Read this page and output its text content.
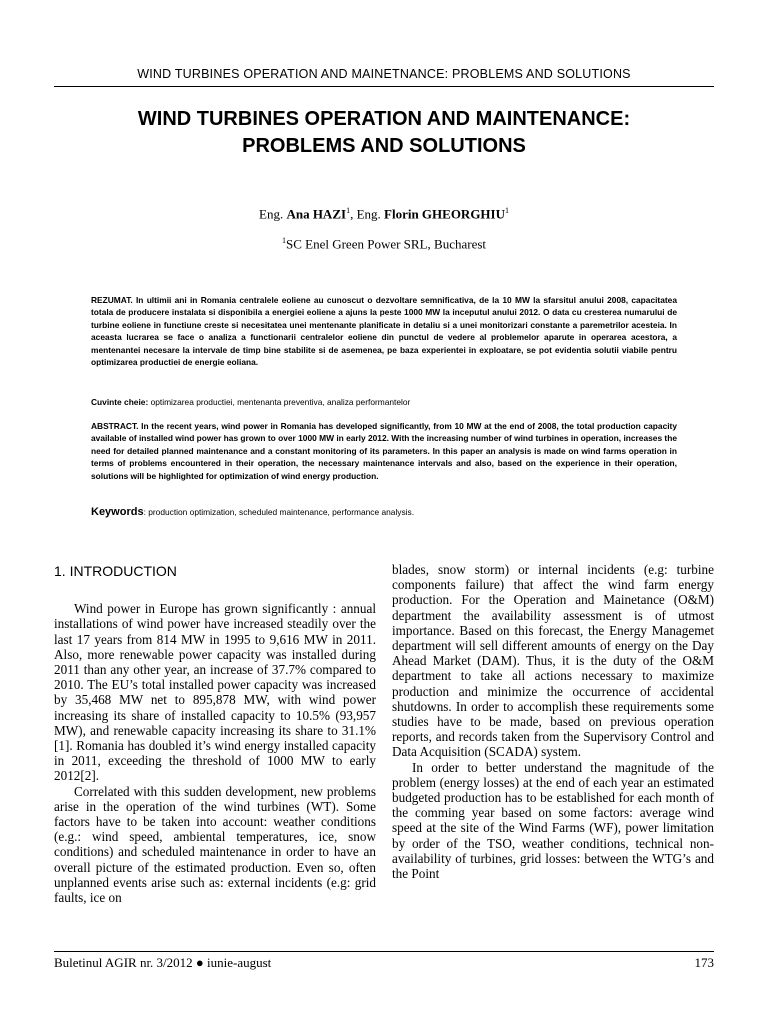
WIND TURBINES OPERATION AND MAINETNANCE: PROBLEMS AND SOLUTIONS
WIND TURBINES OPERATION AND MAINTENANCE:
PROBLEMS AND SOLUTIONS
Eng. Ana HAZI$^1$, Eng. Florin GHEORGHIU$^1$
$^1$SC Enel Green Power SRL, Bucharest
REZUMAT. In ultimii ani in Romania centralele eoliene au cunoscut o dezvoltare semnificativa, de la 10 MW la sfarsitul anului 2008, capacitatea totala de producere instalata si disponibila a energiei eoliene a ajuns la peste 1000 MW la inceputul anului 2012. O data cu cresterea numarului de turbine eoliene in functiune creste si necesitatea unei mentenante planificate in detaliu si a unei monitorizari constante a paremetrilor acesteia. In aceasta lucrarea se face o analiza a functionarii centralelor eoliene din punctul de vedere al problemelor aparute in operarea acestora, a mentenantei necesare la intervale de timp bine stabilite si de asemenea, pe baza experientei in exploatare, se pot evidentia solutii viabile pentru optimizarea productiei de energie eoliana.
Cuvinte cheie: optimizarea productiei, mentenanta preventiva, analiza performantelor
ABSTRACT. In the recent years, wind power in Romania has developed significantly, from 10 MW at the end of 2008, the total production capacity available of installed wind power has grown to over 1000 MW in early 2012. With the increasing number of wind turbines in operation, increases the need for detailed planned maintenance and a constant monitoring of its parameters. In this paper an analysis is made on wind farms operation in terms of problems encountered in their operation, the necessary maintenance intervals and also, based on the experience in their operation, solutions will be highlighted for optimization of wind energy production.
Keywords: production optimization, scheduled maintenance, performance analysis.
1. INTRODUCTION

Wind power in Europe has grown significantly : annual installations of wind power have increased steadily over the last 17 years from 814 MW in 1995 to 9,616 MW in 2011. Also, more renewable power capacity was installed during 2011 than any other year, an increase of 37.7% compared to 2010. The EU’s total installed power capacity was increased by 35,468 MW net to 895,878 MW, with wind power increasing its share of installed capacity to 10.5% (93,957 MW), and renewable capacity increasing its share to 31.1% [1]. Romania has doubled it’s wind energy installed capacity in 2011, exceeding the threshold of 1000 MW to early 2012[2].

Correlated with this sudden development, new problems arise in the operation of the wind turbines (WT). Some factors have to be taken into account: weather conditions (e.g.: wind speed, ambiental temperatures, ice, snow conditions) and scheduled maintenance in order to have an overall picture of the estimated production. Even so, often unplanned events arise such as: external incidents (e.g: grid faults, ice on

blades, snow storm) or internal incidents (e.g: turbine components failure) that affect the wind farm energy production. For the Operation and Mainetance (O&M) department the availability assessment is of utmost importance. Based on this forecast, the Energy Managemet department will sell different amounts of energy on the Day Ahead Market (DAM). Thus, it is the duty of the O&M department to take all actions necessary to maximize production and minimize the occurrence of accidental shutdowns. In order to accomplish these requirements some studies have to be made, based on previous operation reports, and records taken from the Supervisory Control and Data Acquisition (SCADA) system.

In order to better understand the magnitude of the problem (energy losses) at the end of each year an estimated budgeted production has to be established for each month of the comming year based on some factors: average wind speed at the site of the Wind Farms (WF), power limitation by order of the TSO, weather conditions, technical non-availability of turbines, grid losses: between the WTG’s and the Point

Buletinul AGIR nr. 3/2012 ● iunie-august	173
